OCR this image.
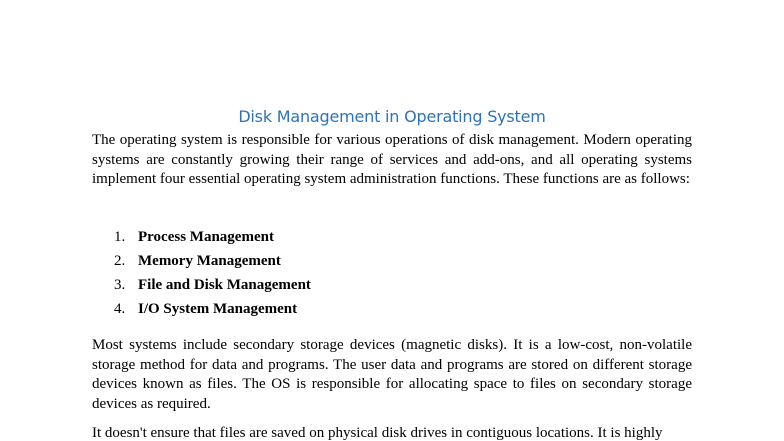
Disk Management in Operating System

The operating system is responsible for various operations of disk management. Modern operating systems are constantly growing their range of services and add-ons, and all operating systems implement four essential operating system administration functions. These functions are as follows:

1. Process Management
2. Memory Management
3. File and Disk Management
4. I/O System Management

Most systems include secondary storage devices (magnetic disks). It is a low-cost, non-volatile storage method for data and programs. The user data and programs are stored on different storage devices known as files. The OS is responsible for allocating space to files on secondary storage devices as required.

It doesn't ensure that files are saved on physical disk drives in contiguous locations. It is highly
